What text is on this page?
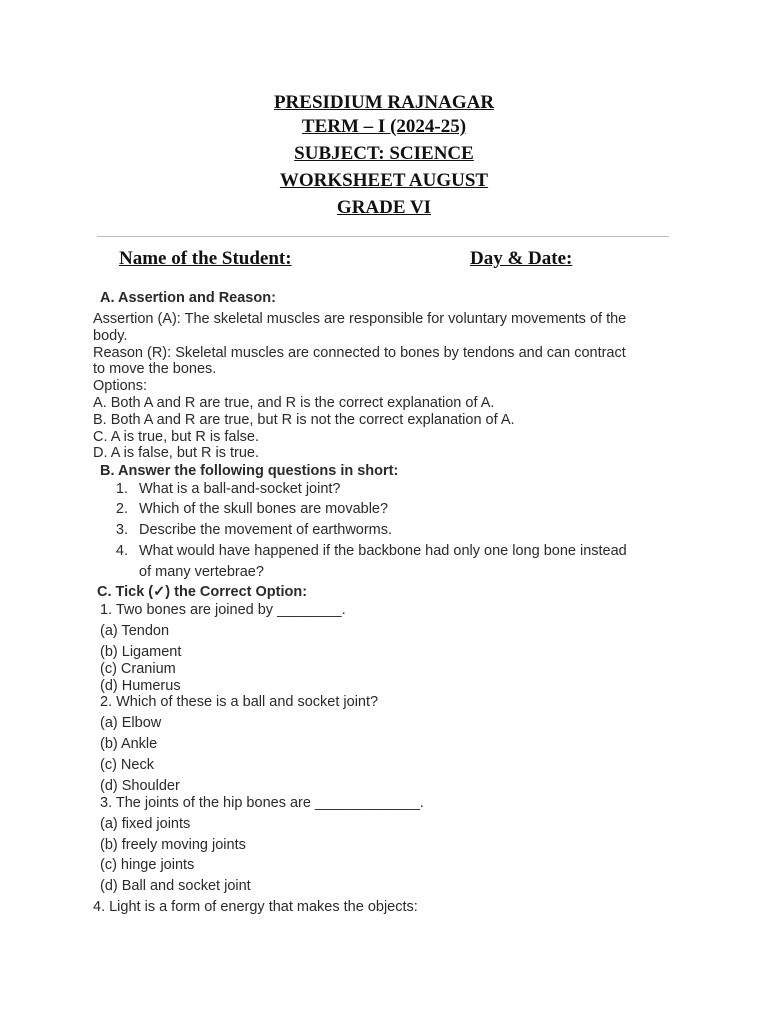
PRESIDIUM RAJNAGAR
TERM – I (2024-25)
SUBJECT: SCIENCE
WORKSHEET AUGUST
GRADE VI
Name of the Student:	Day & Date:
A. Assertion and Reason:
Assertion (A): The skeletal muscles are responsible for voluntary movements of the
body.
Reason (R): Skeletal muscles are connected to bones by tendons and can contract
to move the bones.
Options:
A. Both A and R are true, and R is the correct explanation of A.
B. Both A and R are true, but R is not the correct explanation of A.
C. A is true, but R is false.
D. A is false, but R is true.
B. Answer the following questions in short:
1. What is a ball-and-socket joint?
2. Which of the skull bones are movable?
3. Describe the movement of earthworms.
4. What would have happened if the backbone had only one long bone instead
of many vertebrae?
C. Tick (✓) the Correct Option:
1. Two bones are joined by ________.
(a) Tendon
(b) Ligament
(c) Cranium
(d) Humerus
2. Which of these is a ball and socket joint?
(a) Elbow
(b) Ankle
(c) Neck
(d) Shoulder
3. The joints of the hip bones are _____________.
(a) fixed joints
(b) freely moving joints
(c) hinge joints
(d) Ball and socket joint
4. Light is a form of energy that makes the objects:
